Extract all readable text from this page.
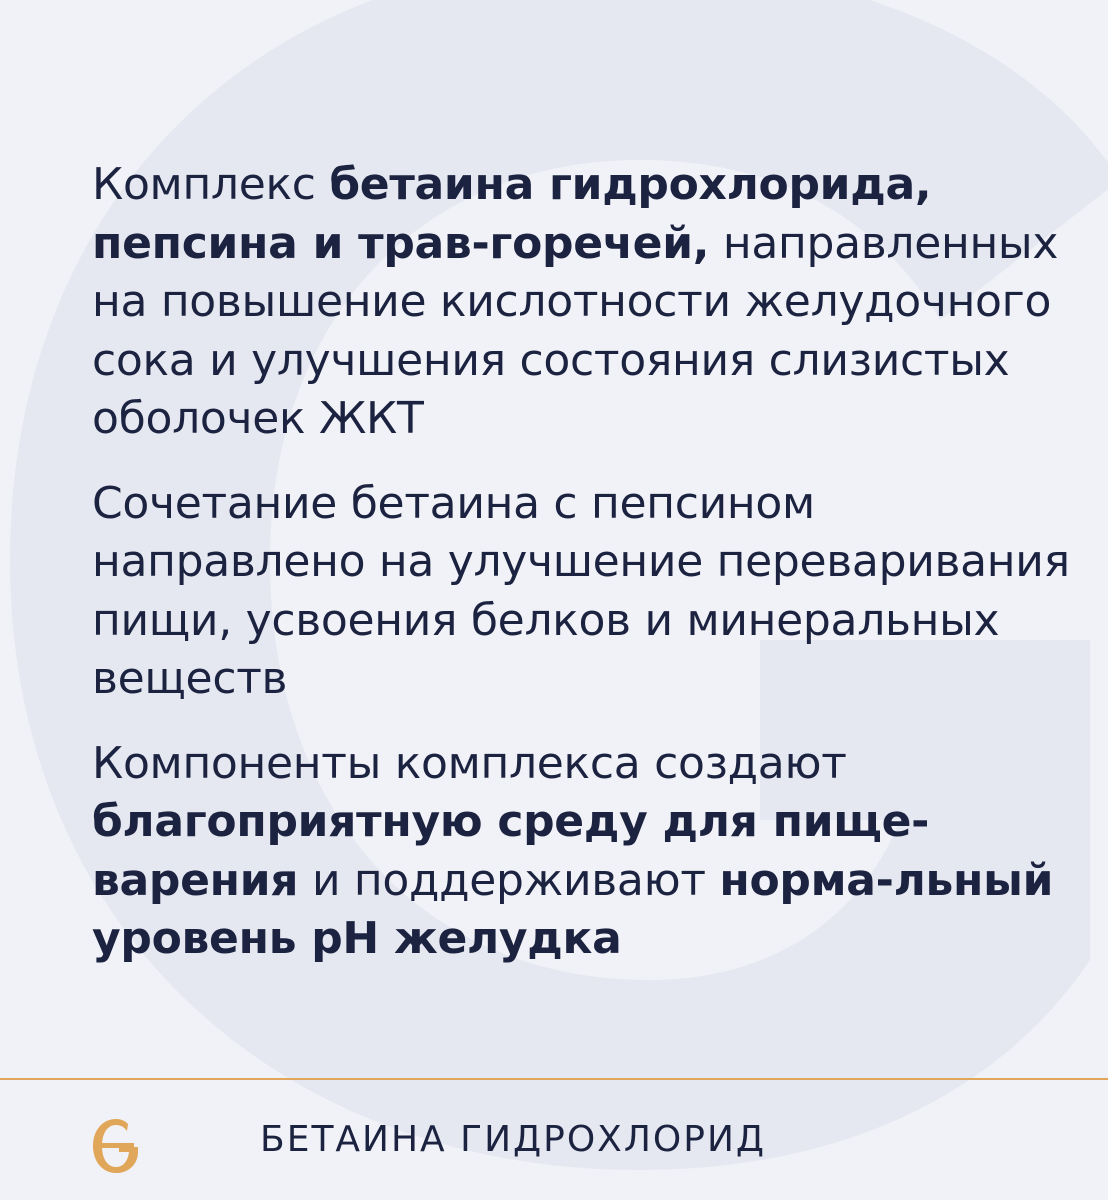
Комплекс бетаина гидрохлорида, пепсина и трав-горечей, направленных на повышение кислотности желудочного сока и улучшения состояния слизистых оболочек ЖКТ

Сочетание бетаина с пепсином направлено на улучшение переваривания пищи, усвоения белков и минеральных веществ

Компоненты комплекса создают благоприятную среду для пище-варения и поддерживают норма-льный уровень pH желудка

БЕТАИНА ГИДРОХЛОРИД
